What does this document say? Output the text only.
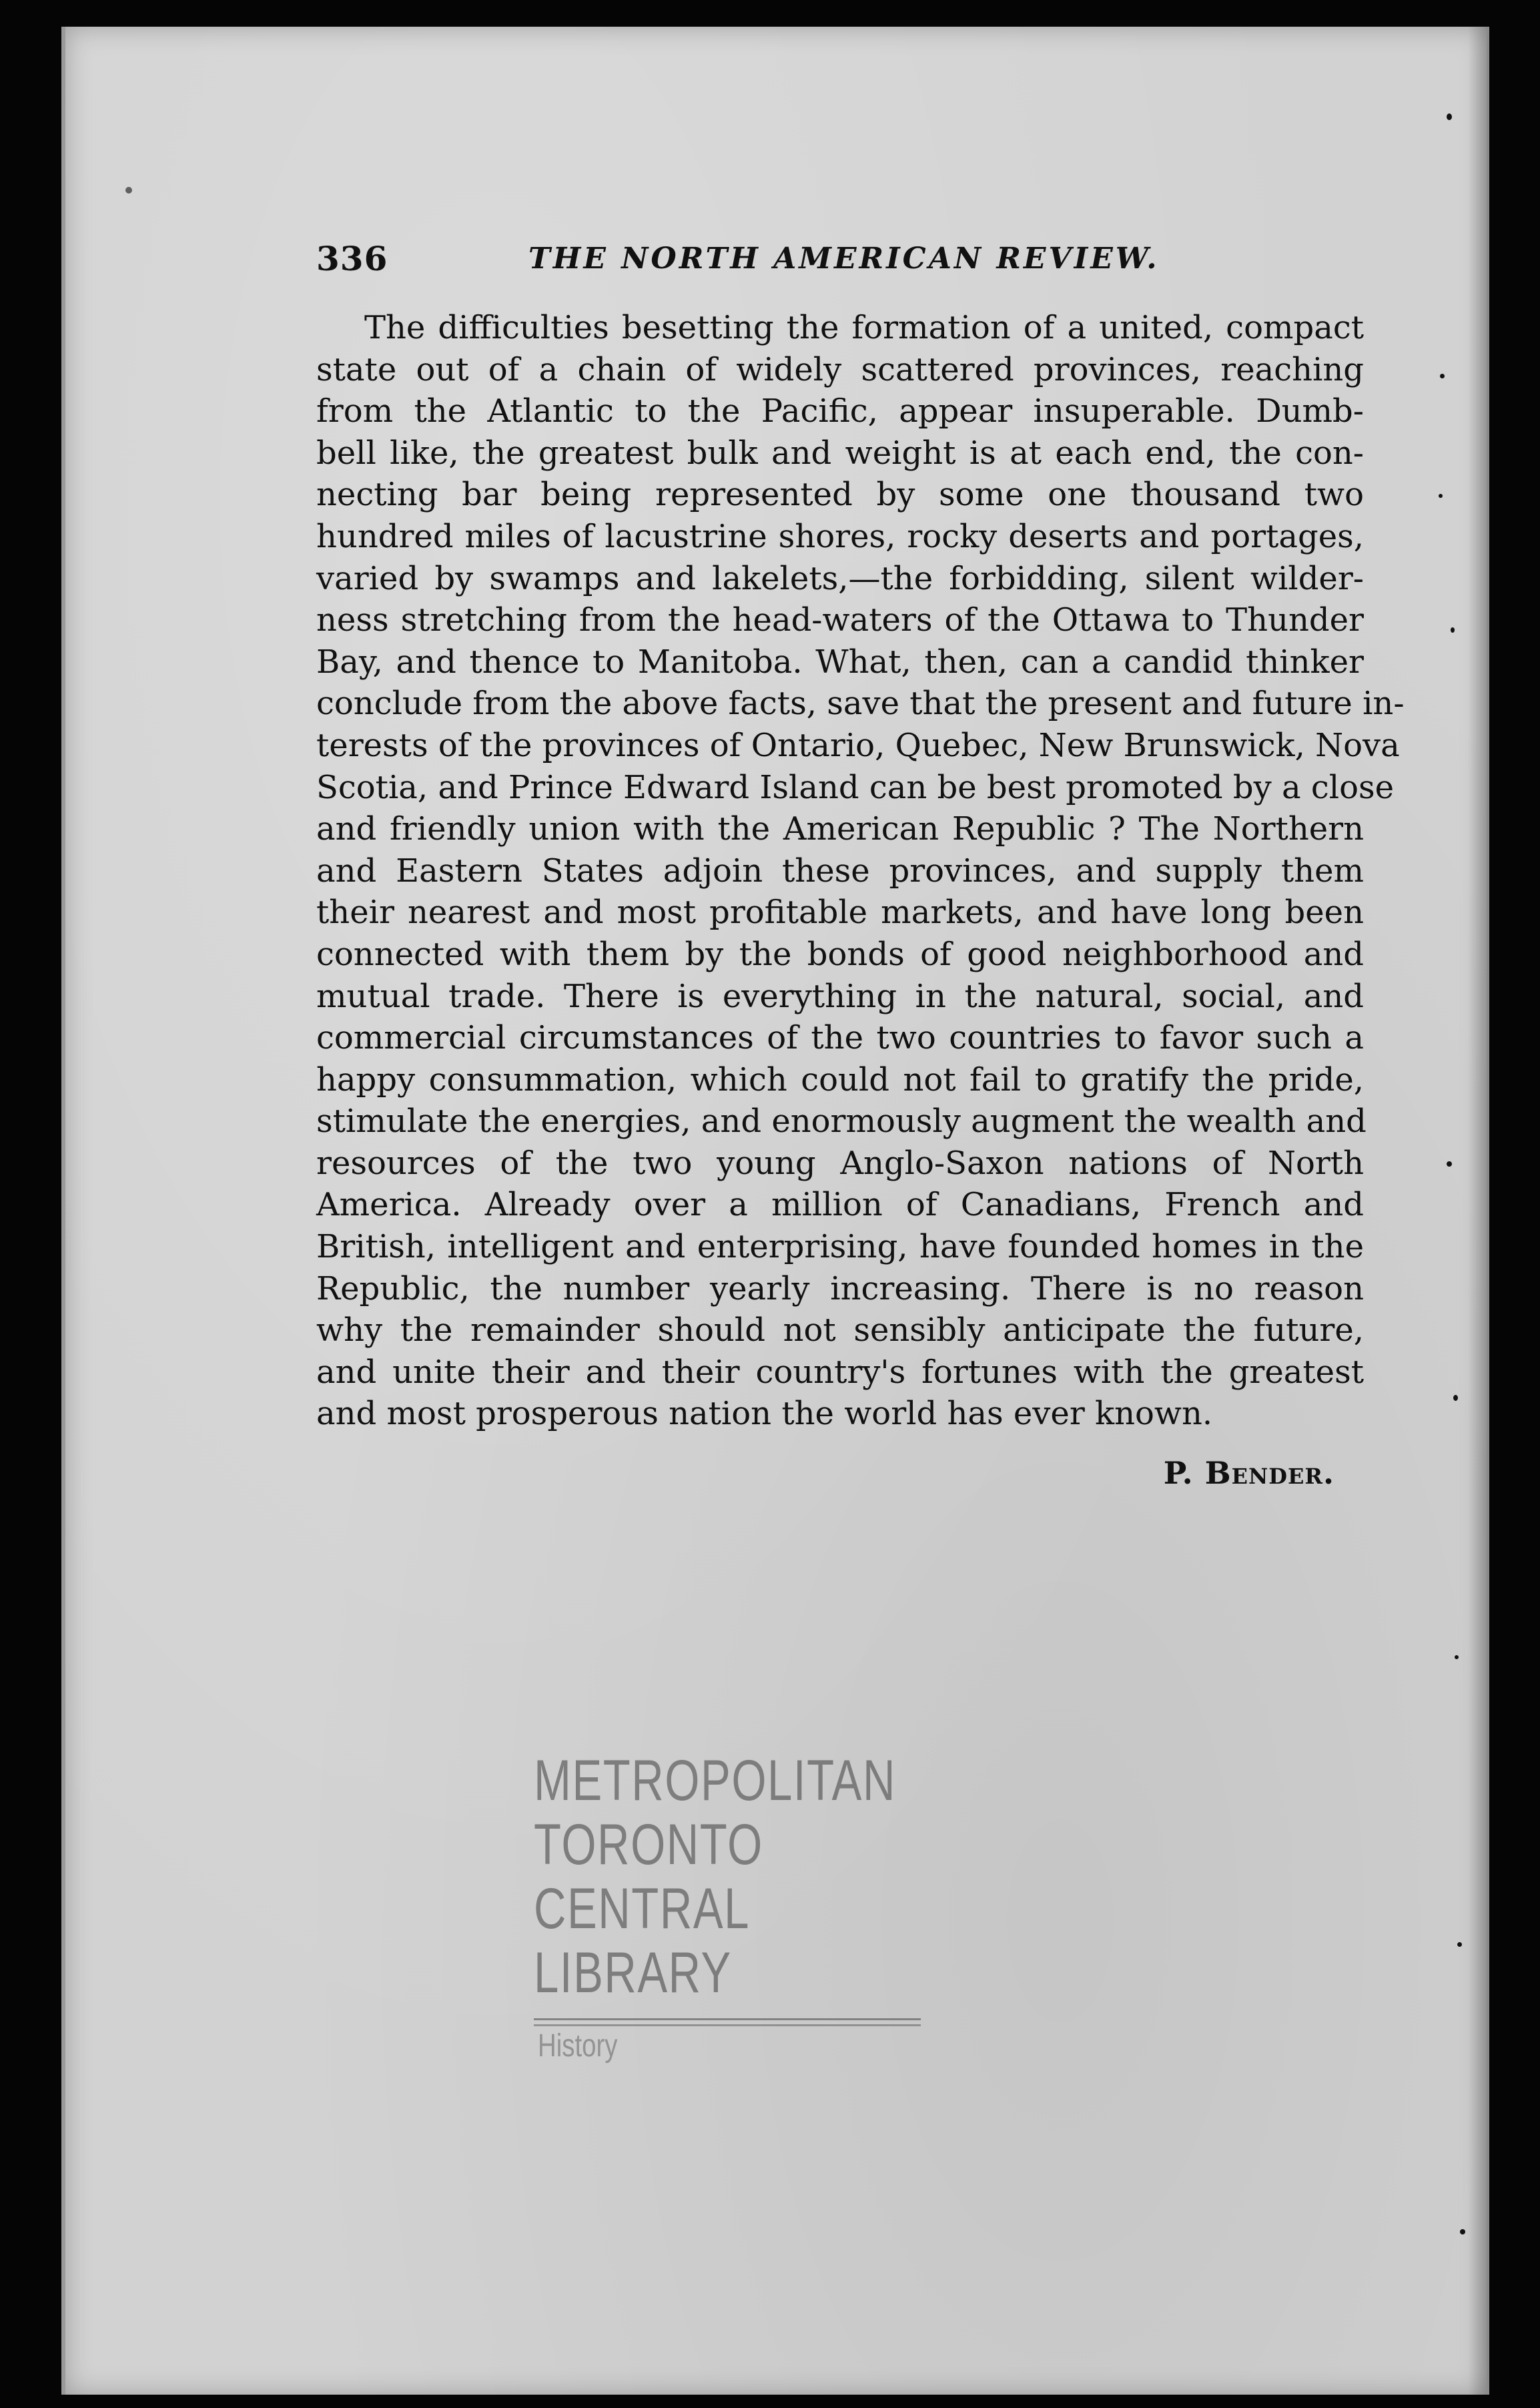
336	THE NORTH AMERICAN REVIEW.

The difficulties besetting the formation of a united, compact
state out of a chain of widely scattered provinces, reaching
from the Atlantic to the Pacific, appear insuperable. Dumb-
bell like, the greatest bulk and weight is at each end, the con-
necting bar being represented by some one thousand two
hundred miles of lacustrine shores, rocky deserts and portages,
varied by swamps and lakelets,—the forbidding, silent wilder-
ness stretching from the head-waters of the Ottawa to Thunder
Bay, and thence to Manitoba. What, then, can a candid thinker
conclude from the above facts, save that the present and future in-
terests of the provinces of Ontario, Quebec, New Brunswick, Nova
Scotia, and Prince Edward Island can be best promoted by a close
and friendly union with the American Republic ? The Northern
and Eastern States adjoin these provinces, and supply them
their nearest and most profitable markets, and have long been
connected with them by the bonds of good neighborhood and
mutual trade. There is everything in the natural, social, and
commercial circumstances of the two countries to favor such a
happy consummation, which could not fail to gratify the pride,
stimulate the energies, and enormously augment the wealth and
resources of the two young Anglo-Saxon nations of North
America. Already over a million of Canadians, French and
British, intelligent and enterprising, have founded homes in the
Republic, the number yearly increasing. There is no reason
why the remainder should not sensibly anticipate the future,
and unite their and their country's fortunes with the greatest
and most prosperous nation the world has ever known.

P. Bender.
METROPOLITAN
TORONTO
CENTRAL
LIBRARY
History
